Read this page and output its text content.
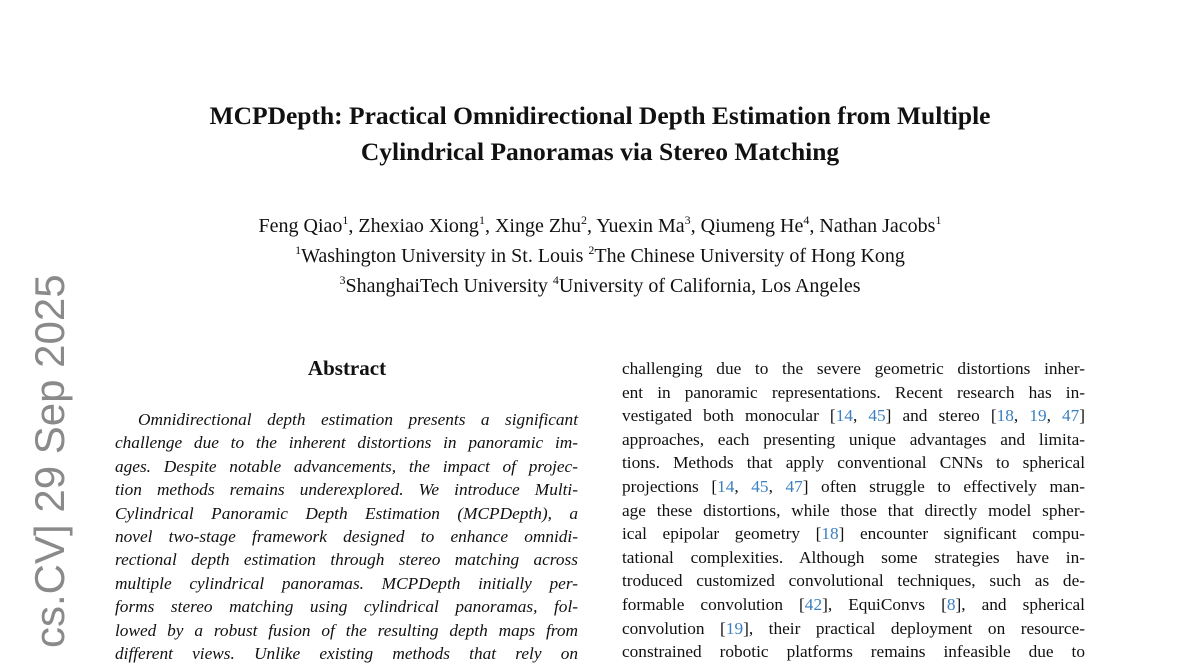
MCPDepth: Practical Omnidirectional Depth Estimation from Multiple
Cylindrical Panoramas via Stereo Matching
Feng Qiao$^1$, Zhexiao Xiong$^1$, Xinge Zhu$^2$, Yuexin Ma$^3$, Qiumeng He$^4$, Nathan Jacobs$^1$
$^1$Washington University in St. Louis $^2$The Chinese University of Hong Kong
$^3$ShanghaiTech University $^4$University of California, Los Angeles
cs.CV] 29 Sep 2025	Abstract
Omnidirectional depth estimation presents a significant
challenge due to the inherent distortions in panoramic im-
ages. Despite notable advancements, the impact of projec-
tion methods remains underexplored. We introduce Multi-
Cylindrical Panoramic Depth Estimation (MCPDepth), a
novel two-stage framework designed to enhance omnidi-
rectional depth estimation through stereo matching across
multiple cylindrical panoramas. MCPDepth initially per-
forms stereo matching using cylindrical panoramas, fol-
lowed by a robust fusion of the resulting depth maps from
different views. Unlike existing methods that rely on
challenging due to the severe geometric distortions inher-
ent in panoramic representations. Recent research has in-
vestigated both monocular [14, 45] and stereo [18, 19, 47]
approaches, each presenting unique advantages and limita-
tions. Methods that apply conventional CNNs to spherical
projections [14, 45, 47] often struggle to effectively man-
age these distortions, while those that directly model spher-
ical epipolar geometry [18] encounter significant compu-
tational complexities. Although some strategies have in-
troduced customized convolutional techniques, such as de-
formable convolution [42], EquiConvs [8], and spherical
convolution [19], their practical deployment on resource-
constrained robotic platforms remains infeasible due to
